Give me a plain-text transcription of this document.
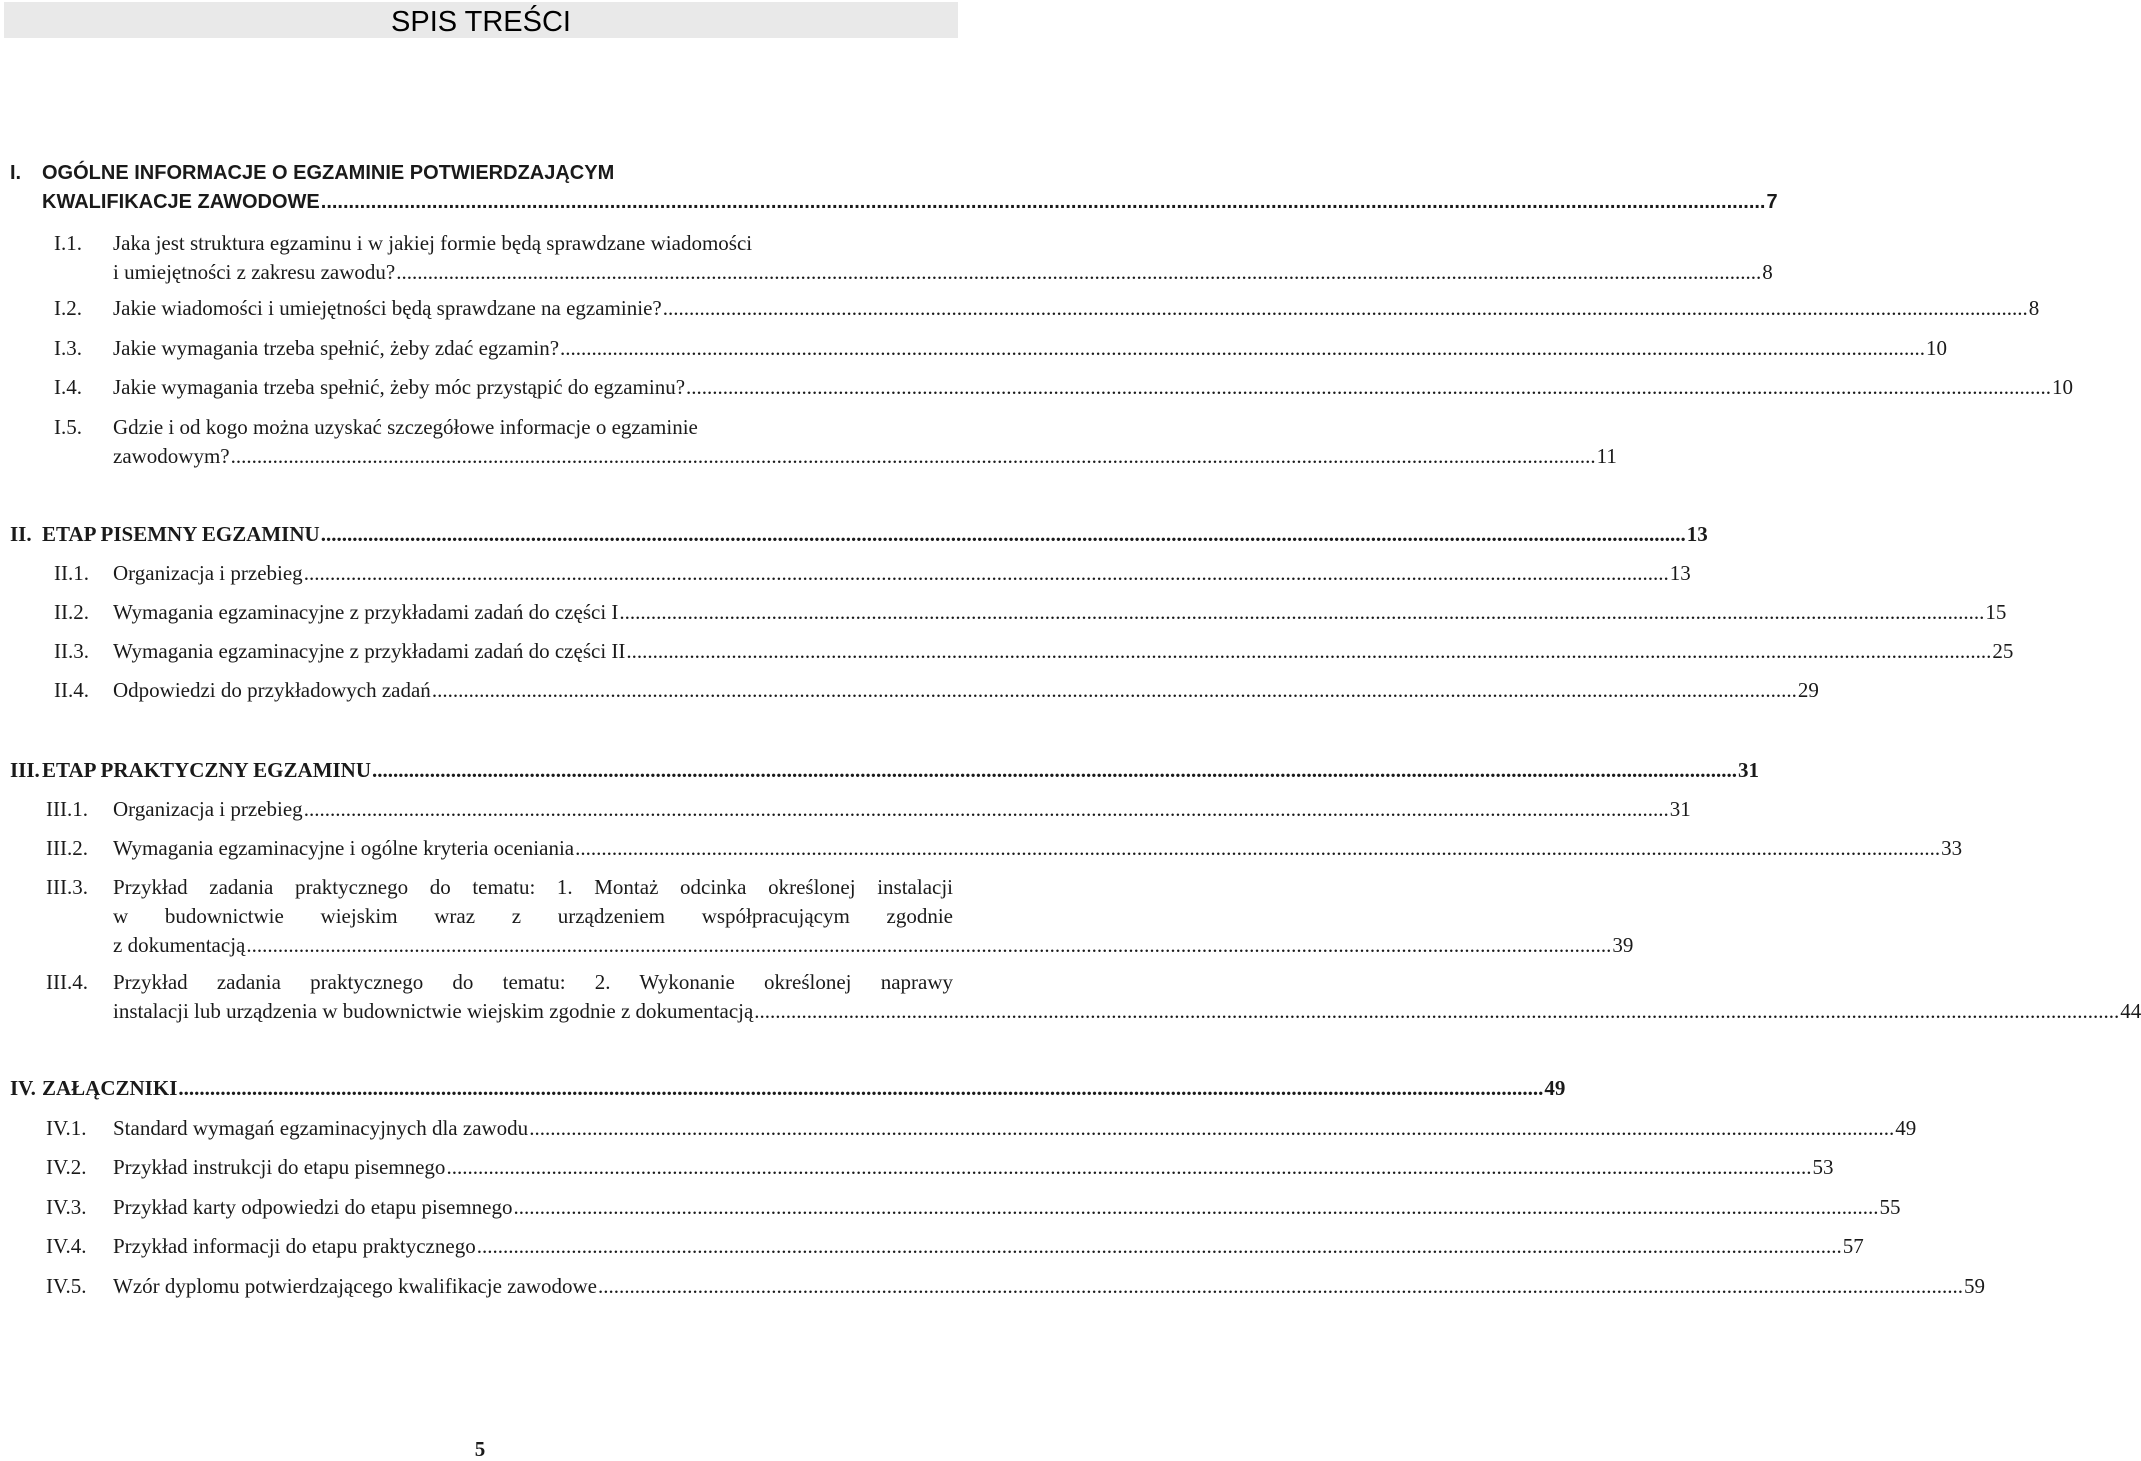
SPIS TREŚCI
I. OGÓLNE INFORMACJE O EGZAMINIE POTWIERDZAJĄCYM
KWALIFIKACJE ZAWODOWE .................................................................................................................................................................................................................................................................... 7
I.1. Jaka jest struktura egzaminu i w jakiej formie będą sprawdzane wiadomości
i umiejętności z zakresu zawodu? .................................................................................................................................................................................................................................................................... 8
I.2. Jakie wiadomości i umiejętności będą sprawdzane na egzaminie? .................................................................................................................................................................................................................................................................... 8
I.3. Jakie wymagania trzeba spełnić, żeby zdać egzamin? .................................................................................................................................................................................................................................................................... 10
I.4. Jakie wymagania trzeba spełnić, żeby móc przystąpić do egzaminu? .................................................................................................................................................................................................................................................................... 10
I.5. Gdzie i od kogo można uzyskać szczegółowe informacje o egzaminie
zawodowym? .................................................................................................................................................................................................................................................................... 11
II. ETAP PISEMNY EGZAMINU .................................................................................................................................................................................................................................................................... 13
II.1. Organizacja i przebieg .................................................................................................................................................................................................................................................................... 13
II.2. Wymagania egzaminacyjne z przykładami zadań do części I .................................................................................................................................................................................................................................................................... 15
II.3. Wymagania egzaminacyjne z przykładami zadań do części II .................................................................................................................................................................................................................................................................... 25
II.4. Odpowiedzi do przykładowych zadań .................................................................................................................................................................................................................................................................... 29
III. ETAP PRAKTYCZNY EGZAMINU .................................................................................................................................................................................................................................................................... 31
III.1. Organizacja i przebieg .................................................................................................................................................................................................................................................................... 31
III.2. Wymagania egzaminacyjne i ogólne kryteria oceniania .................................................................................................................................................................................................................................................................... 33
III.3. Przykład zadania praktycznego do tematu: 1. Montaż odcinka określonej instalacji
w budownictwie wiejskim wraz z urządzeniem współpracującym zgodnie
z dokumentacją .................................................................................................................................................................................................................................................................... 39
III.4. Przykład zadania praktycznego do tematu: 2. Wykonanie określonej naprawy
instalacji lub urządzenia w budownictwie wiejskim zgodnie z dokumentacją .................................................................................................................................................................................................................................................................... 44
IV. ZAŁĄCZNIKI .................................................................................................................................................................................................................................................................... 49
IV.1. Standard wymagań egzaminacyjnych dla zawodu .................................................................................................................................................................................................................................................................... 49
IV.2. Przykład instrukcji do etapu pisemnego .................................................................................................................................................................................................................................................................... 53
IV.3. Przykład karty odpowiedzi do etapu pisemnego .................................................................................................................................................................................................................................................................... 55
IV.4. Przykład informacji do etapu praktycznego .................................................................................................................................................................................................................................................................... 57
IV.5. Wzór dyplomu potwierdzającego kwalifikacje zawodowe .................................................................................................................................................................................................................................................................... 59
5
